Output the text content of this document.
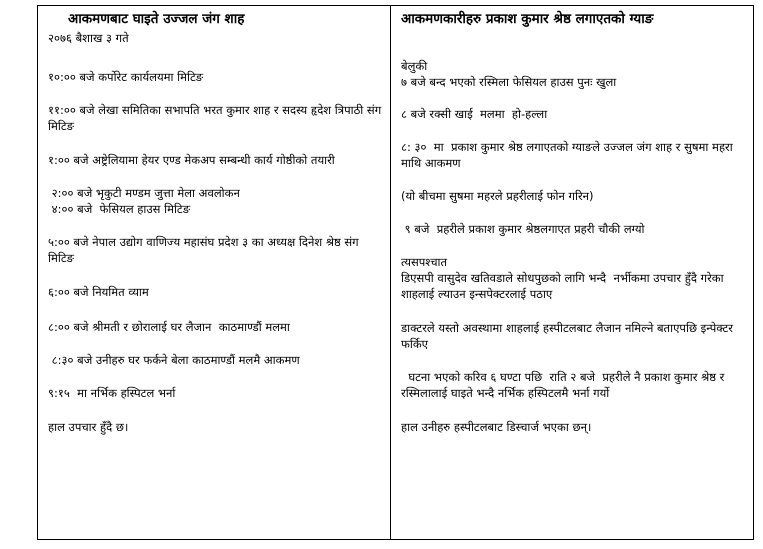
आकमणबाट घाइते उज्जल जंग शाह

२०७६ बैशाख ३ गते

१०:०० बजे कर्पोरेट कार्यलयमा मिटिङ

११:०० बजे लेखा समितिका सभापति भरत कुमार शाह र सदस्य हृदेश त्रिपाठी संग मिटिङ

१:०० बजे अष्ट्रेलियामा हेयर एण्ड मेकअप सम्बन्धी कार्य गोष्ठीको तयारी

२:०० बजे भृकुटी मण्डम जुत्ता मेला अवलोकन
४:०० बजे  फेसियल हाउस मिटिङ

५:०० बजे नेपाल उद्योग वाणिज्य महासंघ प्रदेश ३ का अध्यक्ष दिनेश श्रेष्ठ संग मिटिङ

६:०० बजे नियमित व्याम

८:०० बजे श्रीमती र छोरालाई घर लैजान  काठमाण्डौं मलमा

८:३० बजे उनीहरु घर फर्कने बेला काठमाण्डौं मलमै आकमण

९:१५  मा नर्भिक हस्पिटल भर्ना

हाल उपचार हुँदै छ।

आकमणकारीहरु प्रकाश कुमार श्रेष्ठ लगाएतको ग्याङ

बेलुकी
७ बजे बन्द भएको रस्मिला फेसियल हाउस पुनः खुला

८ बजे रक्सी खाई  मलमा  हो-हल्ला

८: ३०  मा  प्रकाश कुमार श्रेष्ठ लगाएतको ग्याङले उज्जल जंग शाह र सुषमा महरा माथि आकमण

(यो बीचमा सुषमा महरले प्रहरीलाई फोन गरिन)

९ बजे  प्रहरीले प्रकाश कुमार श्रेष्ठलगाएत प्रहरी चौकी लग्यो

त्यसपश्चात
डिएसपी वासुदेव खतिवडाले सोधपुछको लागि भन्दै  नर्भीकमा उपचार हुँदै गरेका शाहलाई ल्याउन इन्सपेक्टरलाई पठाए

डाक्टरले यस्तो अवस्थामा शाहलाई हस्पीटलबाट लैजान नमिल्ने बताएपछि इन्पेक्टर फर्किए

घटना भएको करिव ६ घण्टा पछि  राति २ बजे  प्रहरीले नै प्रकाश कुमार श्रेष्ठ र रस्मिलालाई घाइते भन्दै नर्भिक हस्पिटलमै भर्ना गर्यो

हाल उनीहरु हस्पीटलबाट डिस्चार्ज भएका छन्।
